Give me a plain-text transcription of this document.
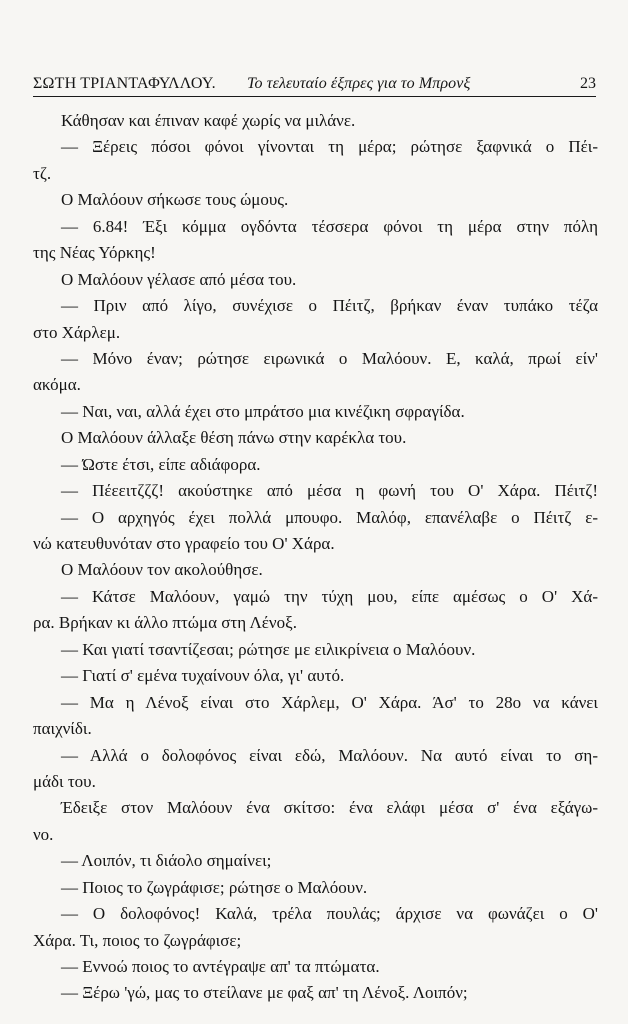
ΣΩΤΗ ΤΡΙΑΝΤΑΦΥΛΛΟΥ. Το τελευταίο έξπρες για το Μπρονξ	23
Κάθησαν και έπιναν καφέ χωρίς να μιλάνε.
— Ξέρεις πόσοι φόνοι γίνονται τη μέρα; ρώτησε ξαφνικά ο Πέι-
τζ.
Ο Μαλόουν σήκωσε τους ώμους.
— 6.84! Έξι κόμμα ογδόντα τέσσερα φόνοι τη μέρα στην πόλη
της Νέας Υόρκης!
Ο Μαλόουν γέλασε από μέσα του.
— Πριν από λίγο, συνέχισε ο Πέιτζ, βρήκαν έναν τυπάκο τέζα
στο Χάρλεμ.
— Μόνο έναν; ρώτησε ειρωνικά ο Μαλόουν. Ε, καλά, πρωί είν'
ακόμα.
— Ναι, ναι, αλλά έχει στο μπράτσο μια κινέζικη σφραγίδα.
Ο Μαλόουν άλλαξε θέση πάνω στην καρέκλα του.
— Ώστε έτσι, είπε αδιάφορα.
— Πέεειτζζζ! ακούστηκε από μέσα η φωνή του Ο' Χάρα. Πέιτζ!
— Ο αρχηγός έχει πολλά μπουφο. Μαλόφ, επανέλαβε ο Πέιτζ ε-
νώ κατευθυνόταν στο γραφείο του Ο' Χάρα.
Ο Μαλόουν τον ακολούθησε.
— Κάτσε Μαλόουν, γαμώ την τύχη μου, είπε αμέσως ο Ο' Χά-
ρα. Βρήκαν κι άλλο πτώμα στη Λένοξ.
— Και γιατί τσαντίζεσαι; ρώτησε με ειλικρίνεια ο Μαλόουν.
— Γιατί σ' εμένα τυχαίνουν όλα, γι' αυτό.
— Μα η Λένοξ είναι στο Χάρλεμ, Ο' Χάρα. Άσ' το 28ο να κάνει
παιχνίδι.
— Αλλά ο δολοφόνος είναι εδώ, Μαλόουν. Να αυτό είναι το ση-
μάδι του.
Έδειξε στον Μαλόουν ένα σκίτσο: ένα ελάφι μέσα σ' ένα εξάγω-
νο.
— Λοιπόν, τι διάολο σημαίνει;
— Ποιος το ζωγράφισε; ρώτησε ο Μαλόουν.
— Ο δολοφόνος! Καλά, τρέλα πουλάς; άρχισε να φωνάζει ο Ο'
Χάρα. Τι, ποιος το ζωγράφισε;
— Εννοώ ποιος το αντέγραψε απ' τα πτώματα.
— Ξέρω 'γώ, μας το στείλανε με φαξ απ' τη Λένοξ. Λοιπόν;
